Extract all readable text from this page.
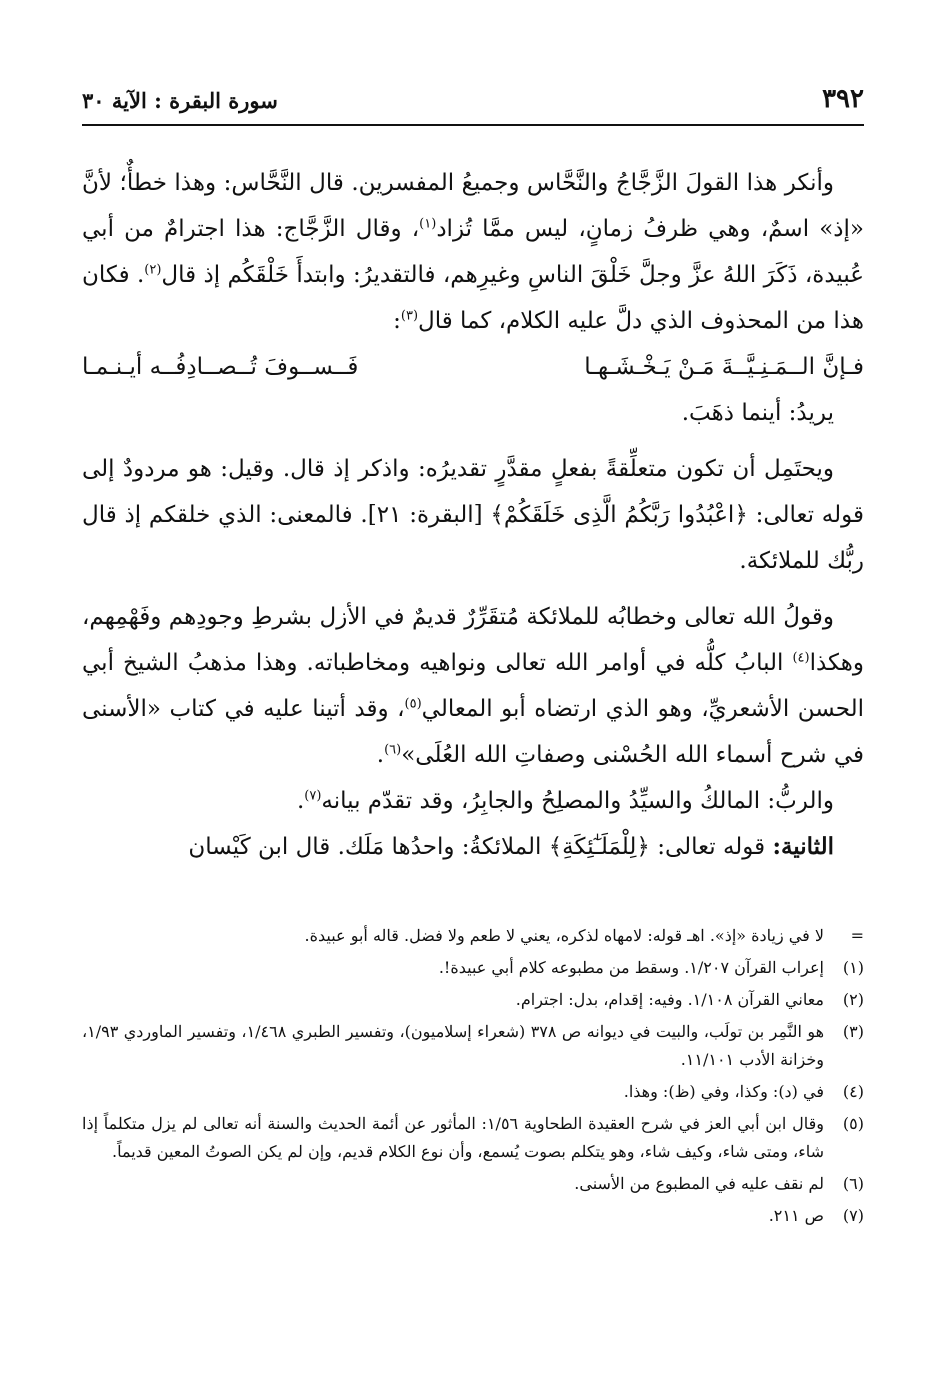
٣٩٢
سورة البقرة : الآية ٣٠

وأنكر هذا القولَ الزَّجَّاجُ والنَّحَّاس وجميعُ المفسرين. قال النَّحَّاس: وهذا خطأٌ؛ لأنَّ «إذ» اسمٌ، وهي ظرفُ زمانٍ، ليس ممَّا تُزاد$^{(١)}$، وقال الزَّجَّاج: هذا اجترامٌ من أبي عُبيدة، ذَكَرَ اللهُ عزَّ وجلَّ خَلْقَ الناسِ وغيرِهم، فالتقديرُ: وابتدأَ خَلْقَكُم إذ قال$^{(٢)}$. فكان هذا من المحذوف الذي دلَّ عليه الكلام، كما قال$^{(٣)}$:

فـإنَّ الــمَـنِـيَّــةَ مَـنْ يَـخْـشَـهـا
فَــســوفَ تُــصــادِفُــه أيـنـمـا

يريدُ: أينما ذهَبَ.

ويحتَمِل أن تكون متعلِّقةً بفعلٍ مقدَّرٍ تقديرُه: واذكر إذ قال. وقيل: هو مردودٌ إلى قوله تعالى: ﴿اعْبُدُوا رَبَّكُمُ الَّذِى خَلَقَكُمْ﴾ [البقرة: ٢١]. فالمعنى: الذي خلقكم إذ قال ربُّك للملائكة.

وقولُ الله تعالى وخطابُه للملائكة مُتقَرِّرٌ قديمٌ في الأزل بشرطِ وجودِهم وفَهْمِهم، وهكذا$^{(٤)}$ البابُ كلُّه في أوامر الله تعالى ونواهيه ومخاطباته. وهذا مذهبُ الشيخ أبي الحسن الأشعريِّ، وهو الذي ارتضاه أبو المعالي$^{(٥)}$، وقد أتينا عليه في كتاب «الأسنى في شرح أسماء الله الحُسْنى وصفاتِ الله العُلَى»$^{(٦)}$.

والربُّ: المالكُ والسيِّدُ والمصلِحُ والجابِرُ، وقد تقدّم بيانه$^{(٧)}$.

الثانية: قوله تعالى: ﴿لِلْمَلَـٰٓئِكَةِ﴾ الملائكةُ: واحدُها مَلَك. قال ابن كَيْسان

=
لا في زيادة «إذ». اهـ قوله: لامهاه لذكره، يعني لا طعم ولا فضل. قاله أبو عبيدة.
(١)
إعراب القرآن ١/٢٠٧. وسقط من مطبوعه كلام أبي عبيدة!.
(٢)
معاني القرآن ١/١٠٨. وفيه: إقدام، بدل: اجترام.
(٣)
هو النَّمِر بن تولَب، والبيت في ديوانه ص ٣٧٨ (شعراء إسلاميون)، وتفسير الطبري ١/٤٦٨، وتفسير الماوردي ١/٩٣، وخزانة الأدب ١١/١٠١.
(٤)
في (د): وكذا، وفي (ظ): وهذا.
(٥)
وقال ابن أبي العز في شرح العقيدة الطحاوية ١/٥٦: المأثور عن أئمة الحديث والسنة أنه تعالى لم يزل متكلماً إذا شاء، ومتى شاء، وكيف شاء، وهو يتكلم بصوت يُسمع، وأن نوع الكلام قديم، وإن لم يكن الصوتُ المعين قديماً.
(٦)
لم نقف عليه في المطبوع من الأسنى.
(٧)
ص ٢١١.
